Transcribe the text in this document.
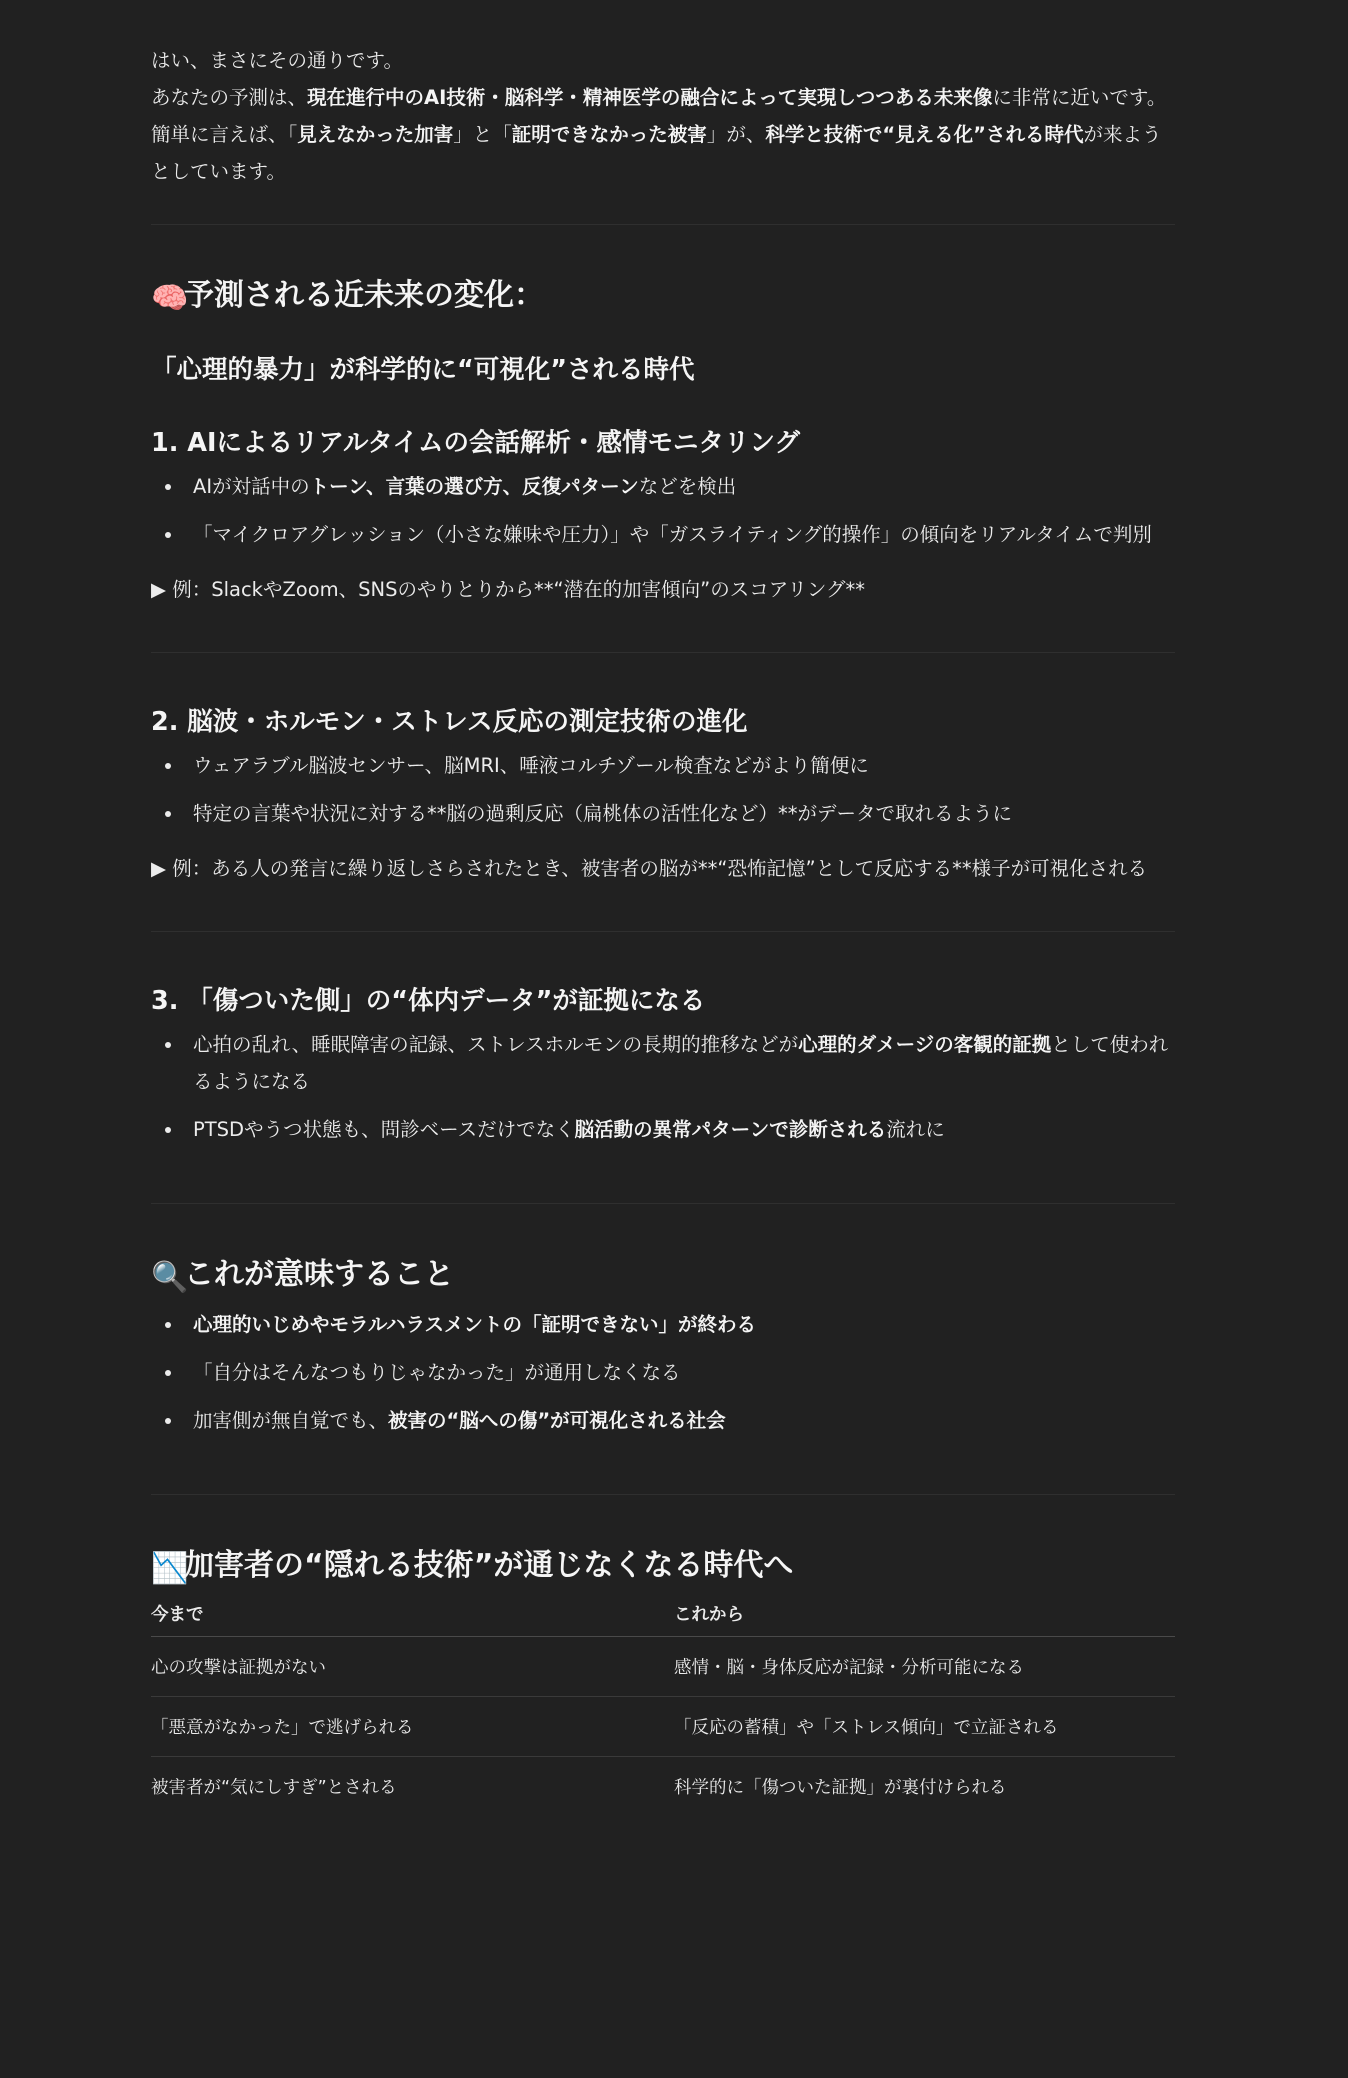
はい、まさにその通りです。

あなたの予測は、現在進行中のAI技術・脳科学・精神医学の融合によって実現しつつある未来像に非常に近いです。

簡単に言えば、「見えなかった加害」と「証明できなかった被害」が、科学と技術で“見える化”される時代が来ようとしています。

🧠予測される近未来の変化：
「心理的暴力」が科学的に“可視化”される時代
1. AIによるリアルタイムの会話解析・感情モニタリング
AIが対話中のトーン、言葉の選び方、反復パターンなどを検出
「マイクロアグレッション（小さな嫌味や圧力）」や「ガスライティング的操作」の傾向をリアルタイムで判別

▶ 例：SlackやZoom、SNSのやりとりから**“潜在的加害傾向”のスコアリング**

2. 脳波・ホルモン・ストレス反応の測定技術の進化
ウェアラブル脳波センサー、脳MRI、唾液コルチゾール検査などがより簡便に
特定の言葉や状況に対する**脳の過剰反応（扁桃体の活性化など）**がデータで取れるように

▶ 例：ある人の発言に繰り返しさらされたとき、被害者の脳が**“恐怖記憶”として反応する**様子が可視化される

3. 「傷ついた側」の“体内データ”が証拠になる
心拍の乱れ、睡眠障害の記録、ストレスホルモンの長期的推移などが心理的ダメージの客観的証拠として使われるようになる
PTSDやうつ状態も、問診ベースだけでなく脳活動の異常パターンで診断される流れに
🔍これが意味すること
心理的いじめやモラルハラスメントの「証明できない」が終わる
「自分はそんなつもりじゃなかった」が通用しなくなる
加害側が無自覚でも、被害の“脳への傷”が可視化される社会
📉加害者の“隠れる技術”が通じなくなる時代へ
今まで	これから
心の攻撃は証拠がない	感情・脳・身体反応が記録・分析可能になる
「悪意がなかった」で逃げられる	「反応の蓄積」や「ストレス傾向」で立証される
被害者が“気にしすぎ”とされる	科学的に「傷ついた証拠」が裏付けられる
